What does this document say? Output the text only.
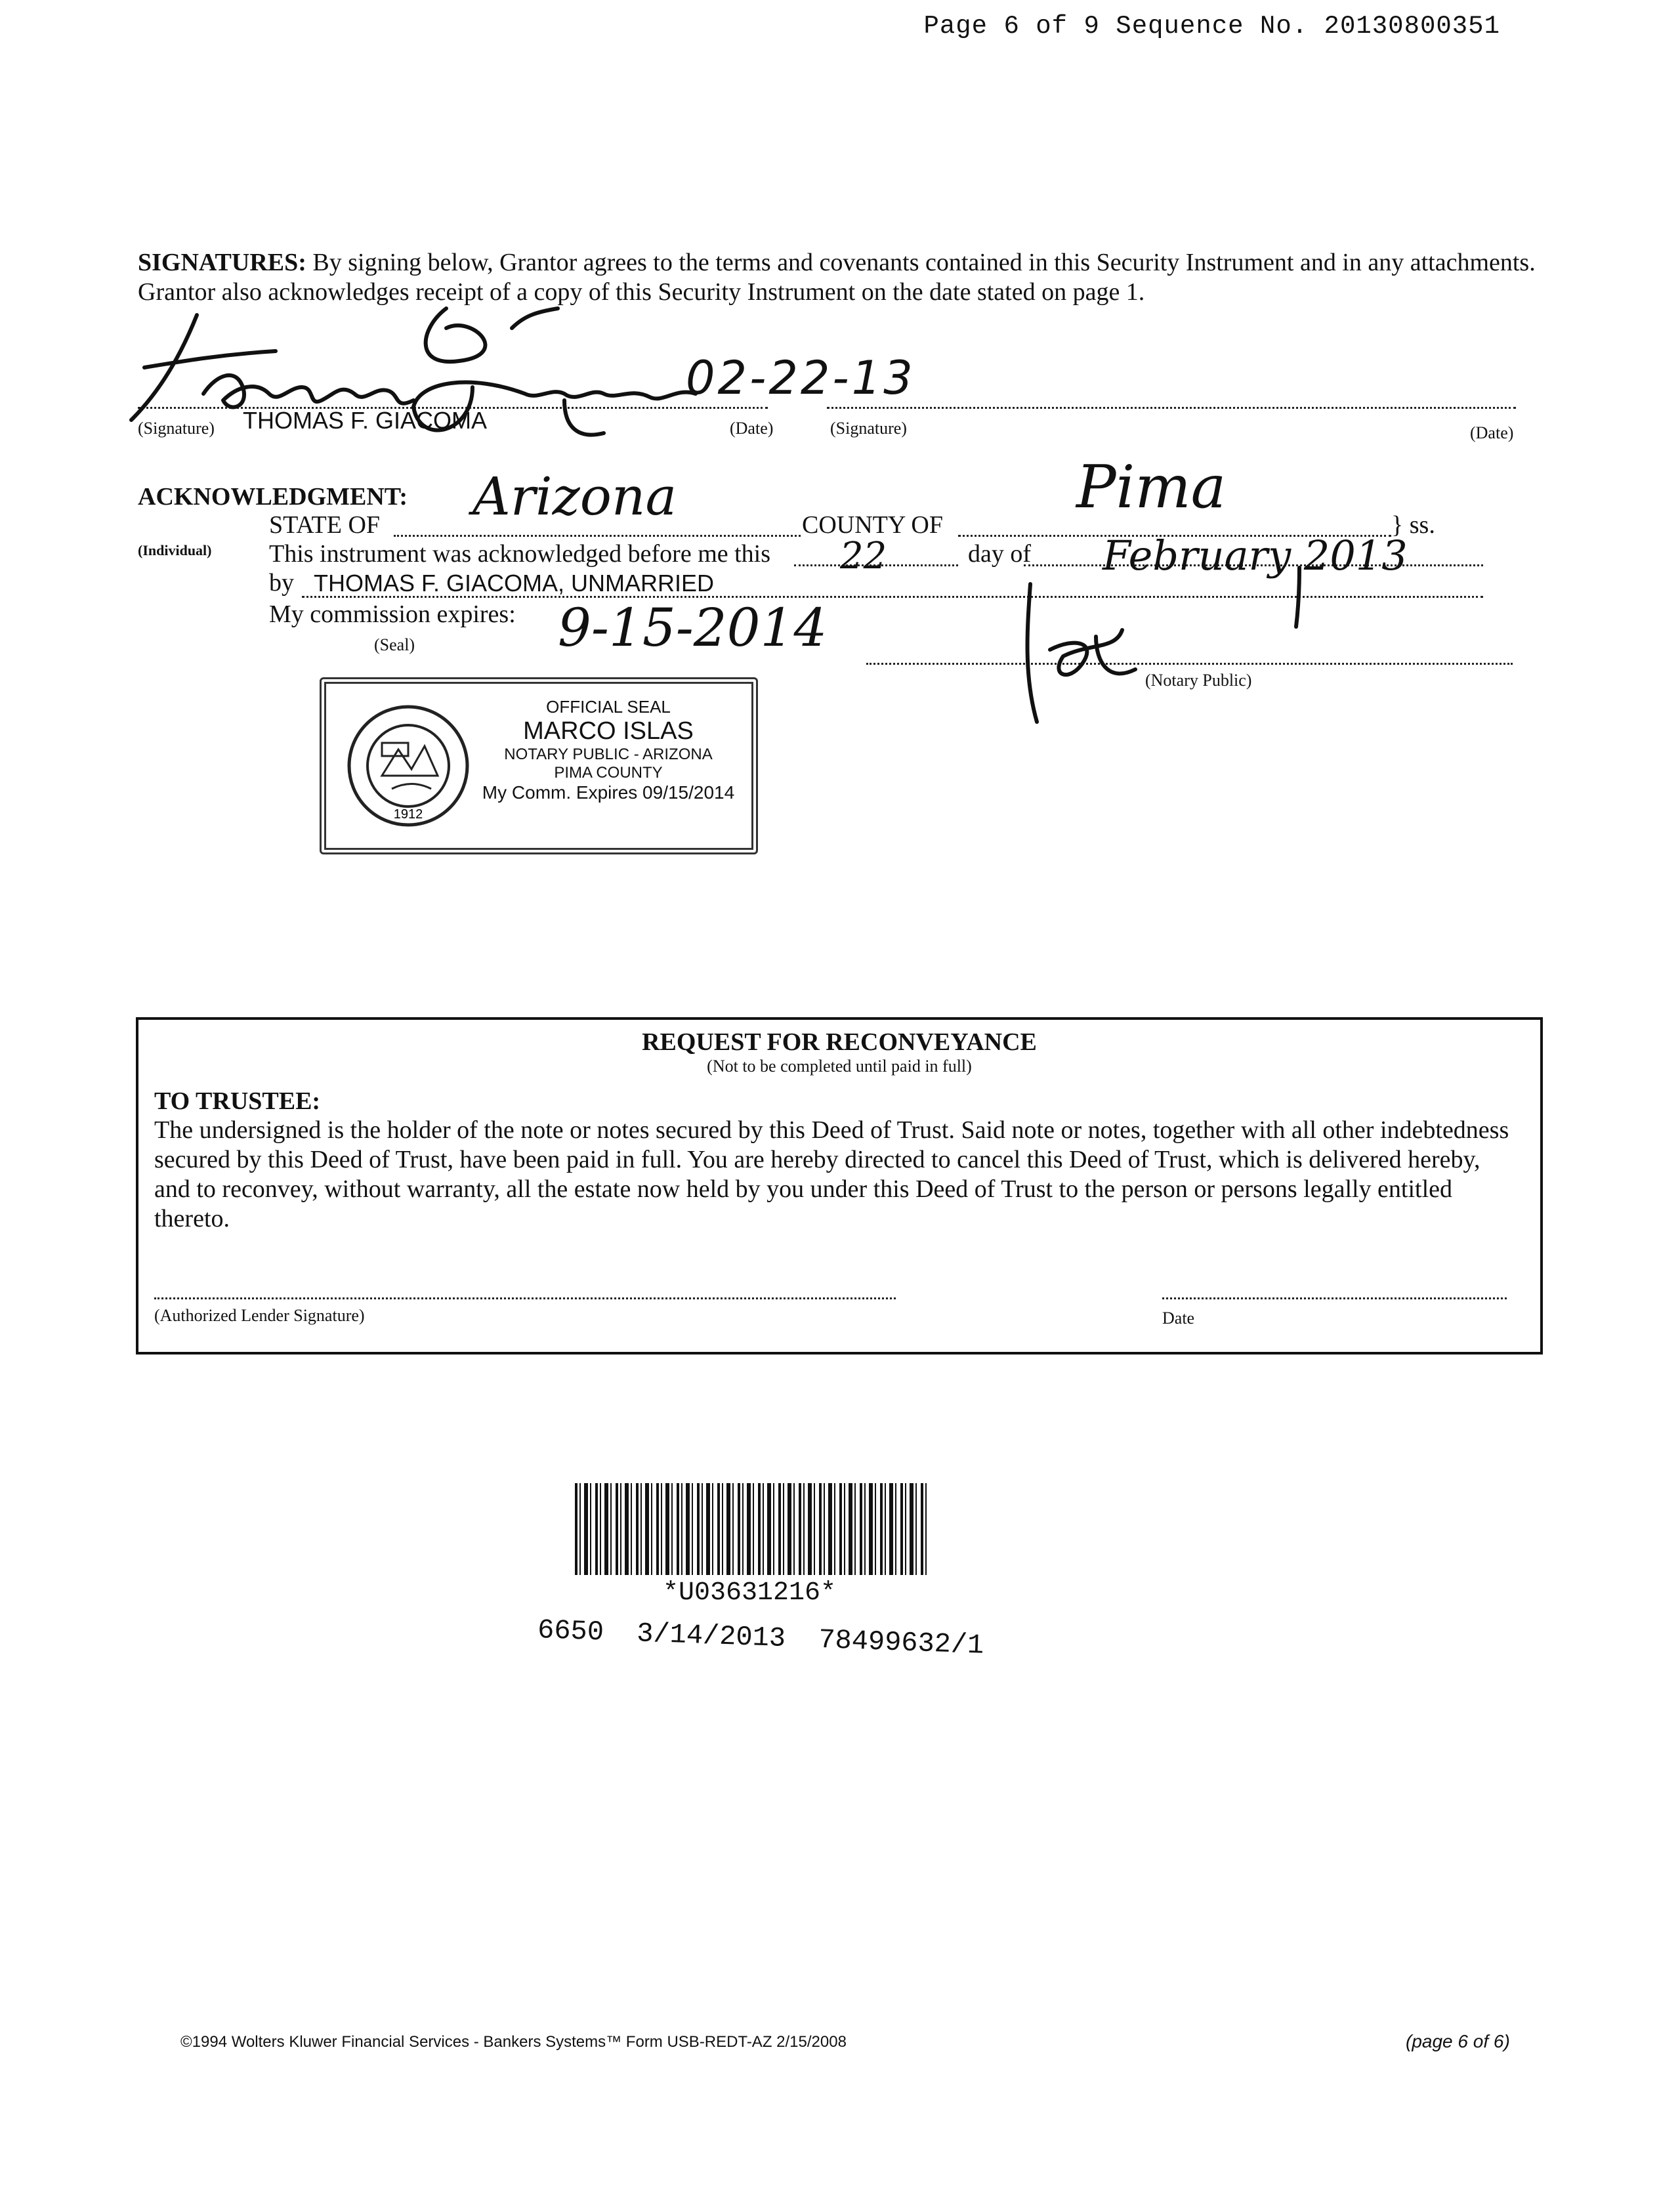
Page 6 of 9 Sequence No. 20130800351
SIGNATURES: By signing below, Grantor agrees to the terms and covenants contained in this Security Instrument and in any attachments. Grantor also acknowledges receipt of a copy of this Security Instrument on the date stated on page 1.
(Signature) THOMAS F. GIACOMA	(Date)	(Signature)	(Date)
02-22-13
ACKNOWLEDGMENT:
STATE OF	COUNTY OF	} ss.
(Individual) This instrument was acknowledged before me this	day of
by THOMAS F. GIACOMA, UNMARRIED
My commission expires:
(Seal)
(Notary Public)
Arizona	Pima
22	February 2013
9-15-2014
1912
OFFICIAL SEAL
MARCO ISLAS
NOTARY PUBLIC - ARIZONA
PIMA COUNTY
My Comm. Expires 09/15/2014
REQUEST FOR RECONVEYANCE
(Not to be completed until paid in full)
TO TRUSTEE:
The undersigned is the holder of the note or notes secured by this Deed of Trust. Said note or notes, together with all other indebtedness secured by this Deed of Trust, have been paid in full. You are hereby directed to cancel this Deed of Trust, which is delivered hereby, and to reconvey, without warranty, all the estate now held by you under this Deed of Trust to the person or persons legally entitled thereto.
(Authorized Lender Signature)	Date
*U03631216*
6650  3/14/2013  78499632/1
©1994 Wolters Kluwer Financial Services - Bankers Systems™ Form USB-REDT-AZ 2/15/2008	(page 6 of 6)
